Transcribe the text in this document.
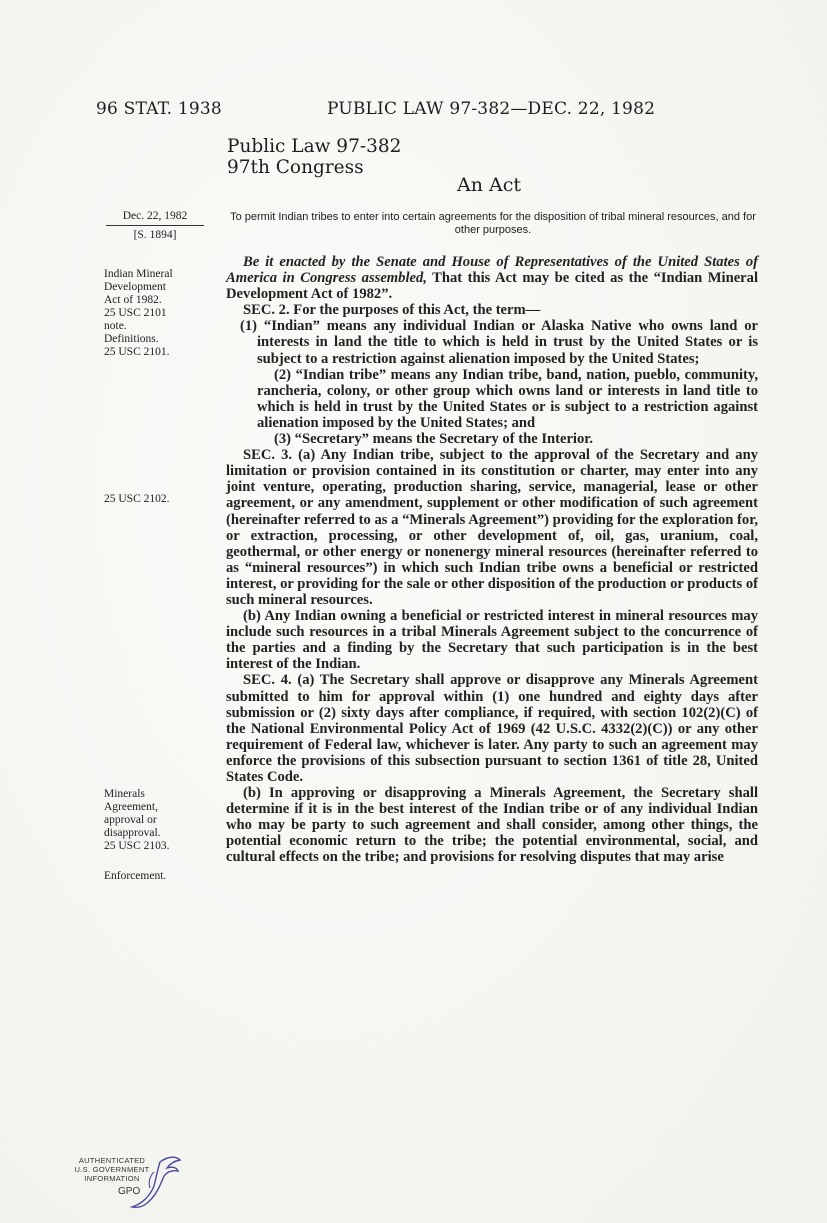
96 STAT. 1938	PUBLIC LAW 97-382—DEC. 22, 1982
Public Law 97-382
97th Congress
An Act
Dec. 22, 1982
[S. 1894]
To permit Indian tribes to enter into certain agreements for the disposition of tribal mineral resources, and for other purposes.
Indian Mineral
Development
Act of 1982.
25 USC 2101
note.
Definitions.
25 USC 2101.
25 USC 2102.
Minerals
Agreement,
approval or
disapproval.
25 USC 2103.
Enforcement.

Be it enacted by the Senate and House of Representatives of the United States of America in Congress assembled, That this Act may be cited as the “Indian Mineral Development Act of 1982”.

SEC. 2. For the purposes of this Act, the term—

(1) “Indian” means any individual Indian or Alaska Native who owns land or interests in land the title to which is held in trust by the United States or is subject to a restriction against alienation imposed by the United States;

(2) “Indian tribe” means any Indian tribe, band, nation, pueblo, community, rancheria, colony, or other group which owns land or interests in land title to which is held in trust by the United States or is subject to a restriction against alienation imposed by the United States; and

(3) “Secretary” means the Secretary of the Interior.

SEC. 3. (a) Any Indian tribe, subject to the approval of the Secretary and any limitation or provision contained in its constitution or charter, may enter into any joint venture, operating, production sharing, service, managerial, lease or other agreement, or any amendment, supplement or other modification of such agreement (hereinafter referred to as a “Minerals Agreement”) providing for the exploration for, or extraction, processing, or other development of, oil, gas, uranium, coal, geothermal, or other energy or nonenergy mineral resources (hereinafter referred to as “mineral resources”) in which such Indian tribe owns a beneficial or restricted interest, or providing for the sale or other disposition of the production or products of such mineral resources.

(b) Any Indian owning a beneficial or restricted interest in mineral resources may include such resources in a tribal Minerals Agreement subject to the concurrence of the parties and a finding by the Secretary that such participation is in the best interest of the Indian.

SEC. 4. (a) The Secretary shall approve or disapprove any Minerals Agreement submitted to him for approval within (1) one hundred and eighty days after submission or (2) sixty days after compliance, if required, with section 102(2)(C) of the National Environmental Policy Act of 1969 (42 U.S.C. 4332(2)(C)) or any other requirement of Federal law, whichever is later. Any party to such an agreement may enforce the provisions of this subsection pursuant to section 1361 of title 28, United States Code.

(b) In approving or disapproving a Minerals Agreement, the Secretary shall determine if it is in the best interest of the Indian tribe or of any individual Indian who may be party to such agreement and shall consider, among other things, the potential economic return to the tribe; the potential environmental, social, and cultural effects on the tribe; and provisions for resolving disputes that may arise

AUTHENTICATED
U.S. GOVERNMENT
INFORMATION
GPO
